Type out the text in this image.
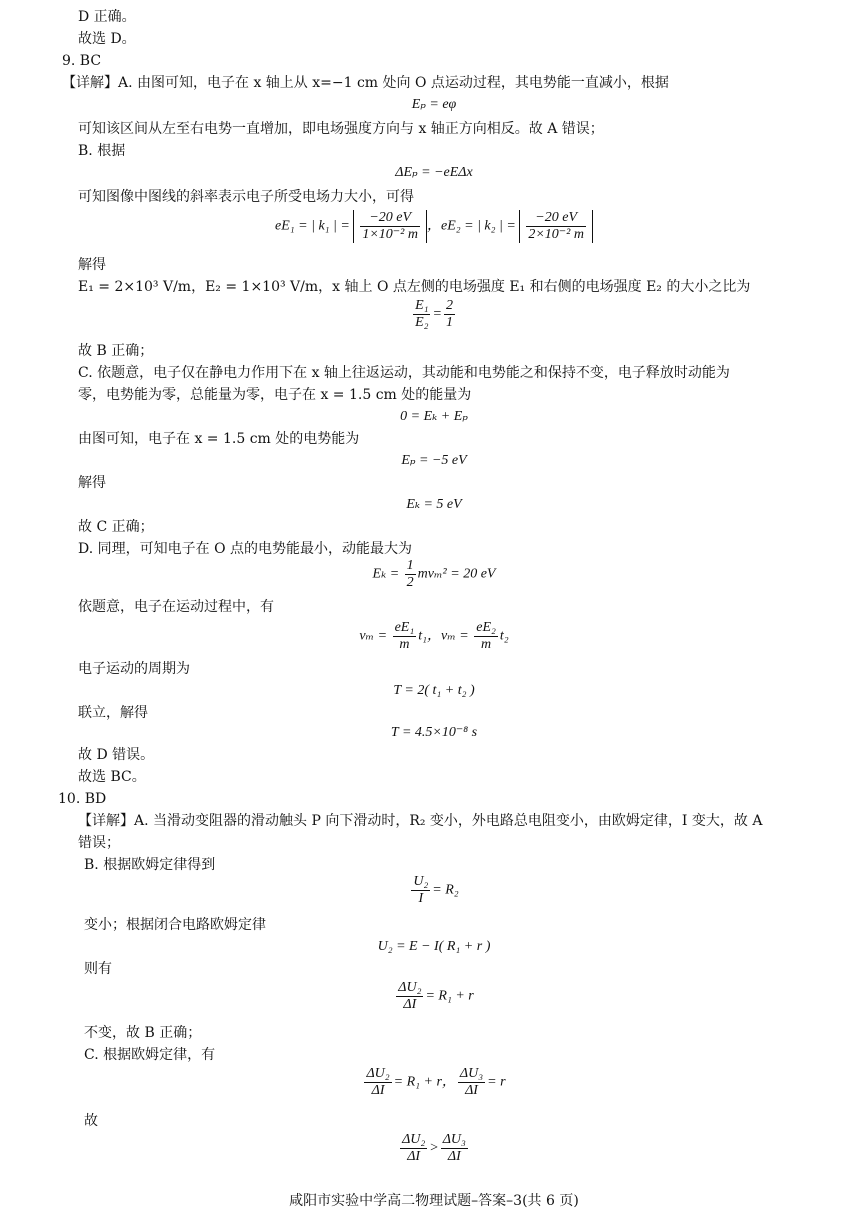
D 正确。
故选 D。
9. BC
【详解】A. 由图可知，电子在 x 轴上从 x=−1 cm 处向 O 点运动过程，其电势能一直减小，根据
Eₚ = eφ
可知该区间从左至右电势一直增加，即电场强度方向与 x 轴正方向相反。故 A 错误；
B. 根据
ΔEₚ = −eEΔx
可知图像中图线的斜率表示电子所受电场力大小，可得
eE₁ = | k₁ | = $\frac{-20 eV}{\text{1×10⁻² m}}$ ，eE₂ = | k₂ | = $\frac{-20 eV}{\text{2×10⁻² m}}$
解得
E₁ = 2×10³ V/m，E₂ = 1×10³ V/m，x 轴上 O 点左侧的电场强度 E₁ 和右侧的电场强度 E₂ 的大小之比为
$\frac{\text{E₁}}{\text{E₂}} = \frac{2}{1}$
故 B 正确；
C. 依题意，电子仅在静电力作用下在 x 轴上往返运动，其动能和电势能之和保持不变，电子释放时动能为
零，电势能为零，总能量为零，电子在 x = 1.5 cm 处的能量为
0 = Eₖ + Eₚ
由图可知，电子在 x = 1.5 cm 处的电势能为
Eₚ = −5 eV
解得
Eₖ = 5 eV
故 C 正确；
D. 同理，可知电子在 O 点的电势能最小，动能最大为
$E_k = \frac{1}{2} mv_m^2 = 20$ eV
依题意，电子在运动过程中，有
$v_m = \frac{\text{eE₁}}{m} t_1$，$v_m = \frac{\text{eE₂}}{m} t_2$
电子运动的周期为
T = 2( t₁ + t₂ )
联立，解得
T = 4.5×10⁻⁸ s
故 D 错误。
故选 BC。
10. BD
【详解】A. 当滑动变阻器的滑动触头 P 向下滑动时，R₂ 变小，外电路总电阻变小，由欧姆定律，I 变大，故 A
错误；
B. 根据欧姆定律得到
$\frac{\text{U₂}}{I} = R_2$
变小；根据闭合电路欧姆定律
U₂ = E − I( R₁ + r )
则有
$\frac{\text{ΔU₂}}{\Delta I} = R_1 + r$
不变，故 B 正确；
C. 根据欧姆定律，有
$\frac{\text{ΔU₂}}{\Delta I} = R_1 + r$， $\frac{\text{ΔU₃}}{\Delta I} = r$
故
$\frac{\text{ΔU₂}}{\Delta I} > \frac{\text{ΔU₃}}{\Delta I}$
咸阳市实验中学高二物理试题–答案–3(共 6 页)
